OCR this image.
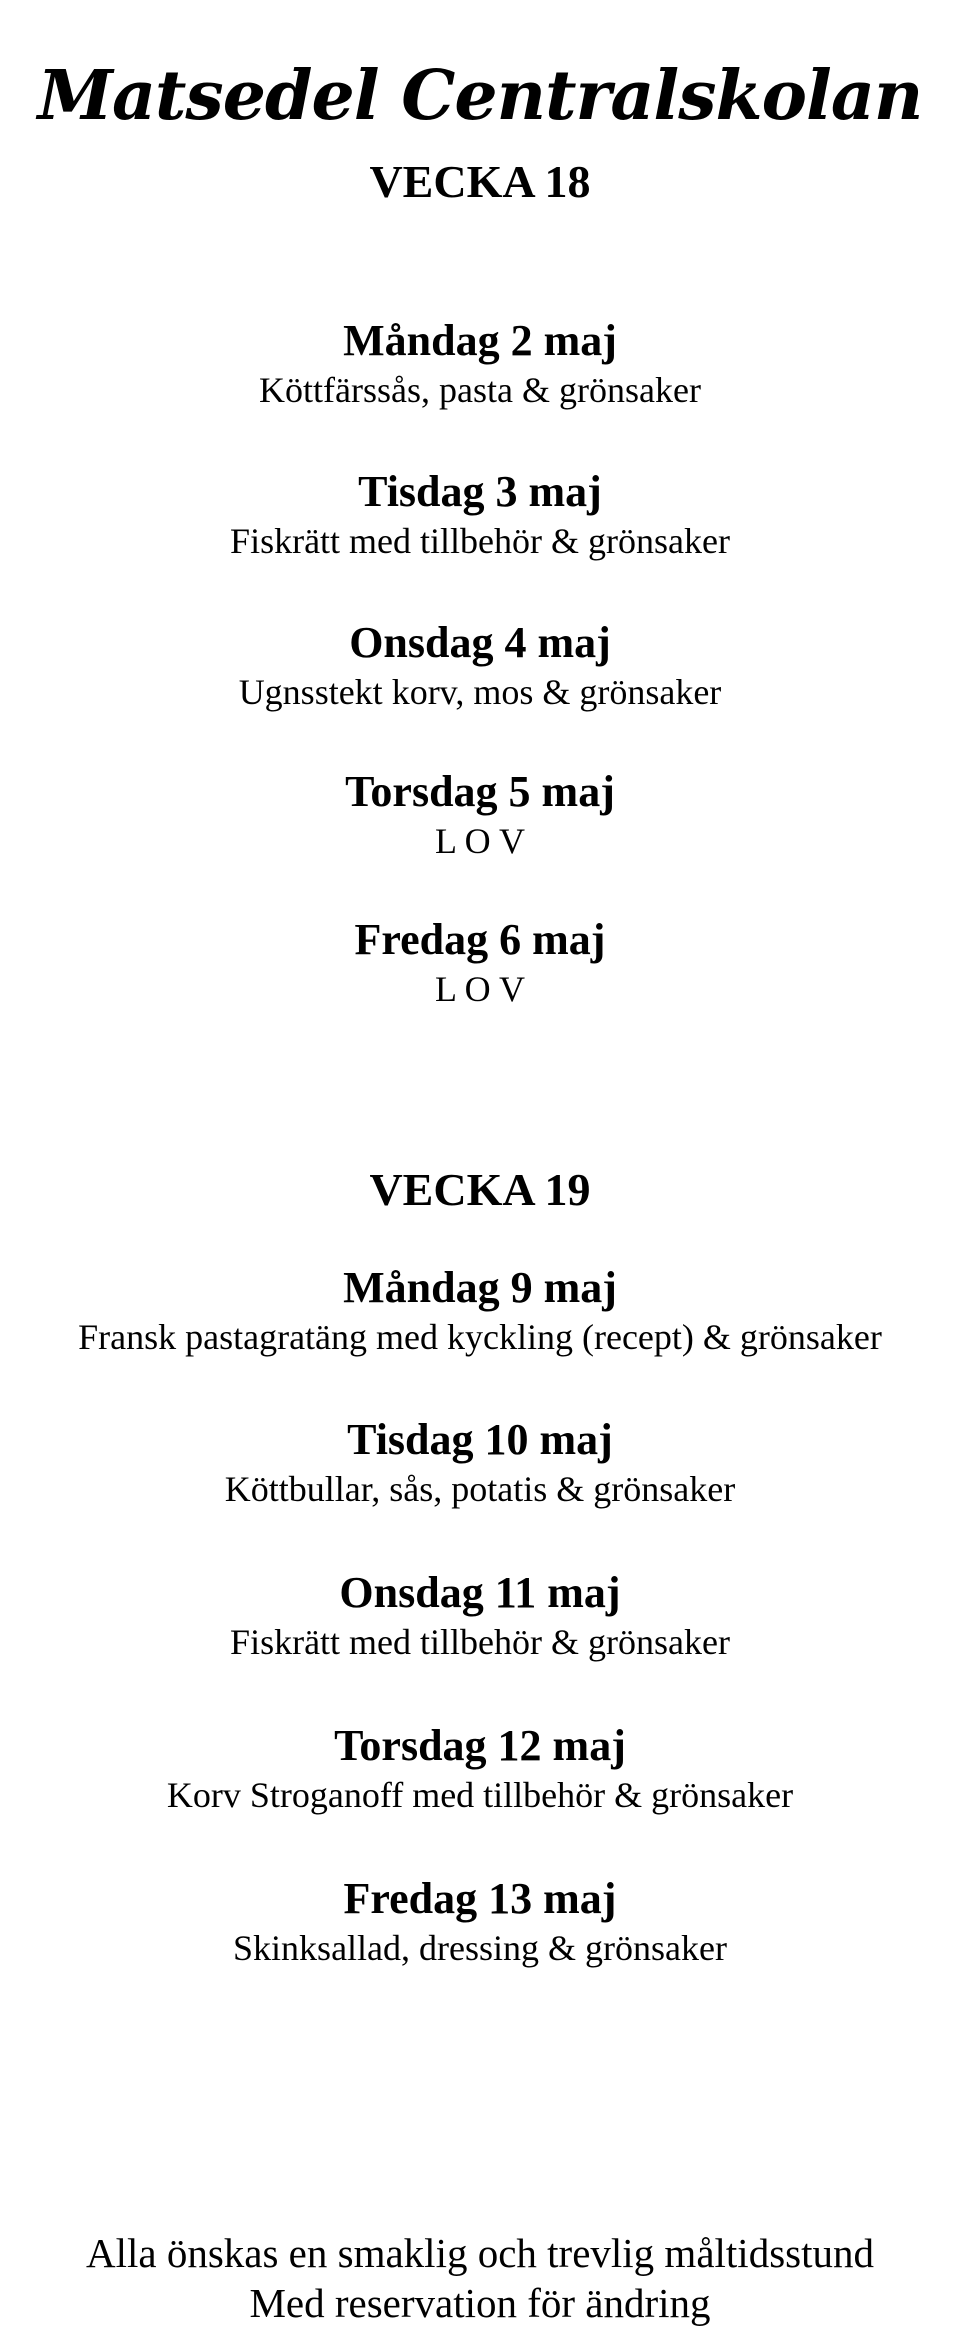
Matsedel Centralskolan
VECKA 18
Måndag 2 maj
Köttfärssås, pasta & grönsaker
Tisdag 3 maj
Fiskrätt med tillbehör & grönsaker
Onsdag 4 maj
Ugnsstekt korv, mos & grönsaker
Torsdag 5 maj
L O V
Fredag 6 maj
L O V
VECKA 19
Måndag 9 maj
Fransk pastagratäng med kyckling (recept) & grönsaker
Tisdag 10 maj
Köttbullar, sås, potatis & grönsaker
Onsdag 11 maj
Fiskrätt med tillbehör & grönsaker
Torsdag 12 maj
Korv Stroganoff med tillbehör & grönsaker
Fredag 13 maj
Skinksallad, dressing & grönsaker
Alla önskas en smaklig och trevlig måltidsstund
Med reservation för ändring
